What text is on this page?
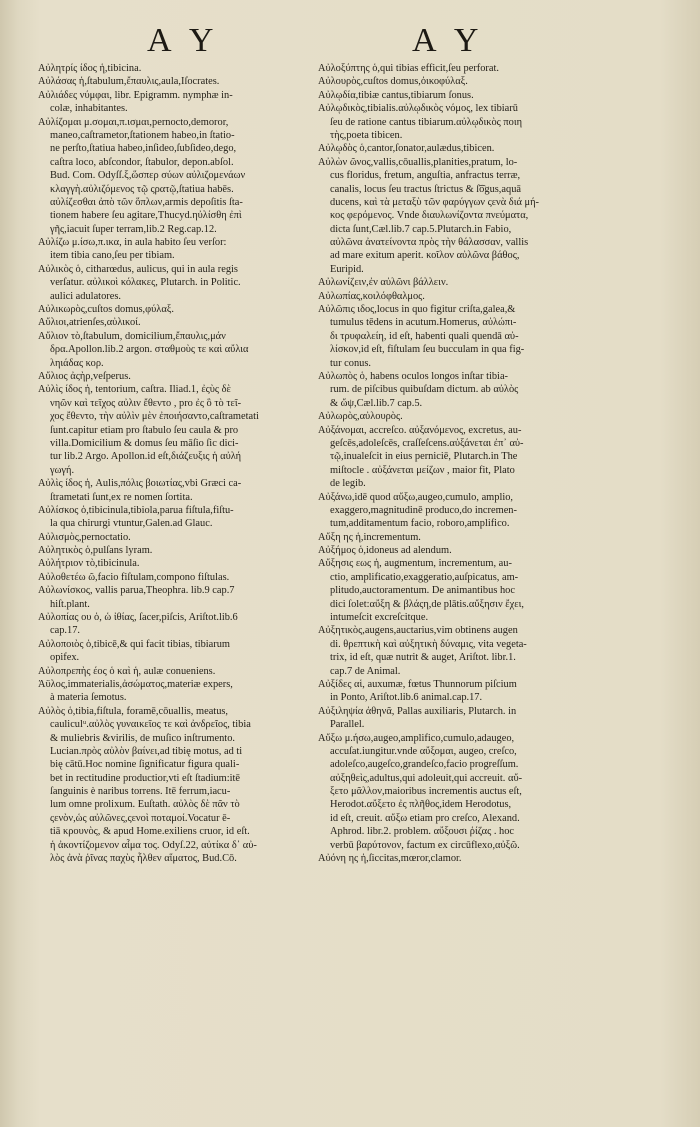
A Y	A Y
Αὐλητρίς ίδος ἡ,tibicina.
Αὐλάσας ἡ,ſtabulum,ἔπαυλις,aula,Iſocrates.
Αὐλιάδες νύμφαι, libr. Epigramm. nymphæ in-
colæ, inhabitantes.
Αὐλίζομαι μ.σομαι,π.ισμαι,pernocto,demoror,
maneo,caſtrametor,ſtationem habeo,in ſtatio-
ne perſto,ſtatiua habeo,inſideo,ſubſideo,dego,
caſtra loco, abſcondor, ſtabulor, depon.abſol.
Bud. Com. Odyſſ.ξ,ὥσπερ σύων αὐλιζομενάων
κλαγγὴ.αὐλιζόμενος τῷ ςρατῷ,ſtatiua habēs.
αὐλίζεσθαι ἀπὸ τῶν ὅπλων,armis depoſitis ſta-
tionem habere ſeu agitare,Thucyd.ηὐλίσθη ἐπὶ
γῆς,iacuit ſuper terram,lib.2 Reg.cap.12.
Αὐλίζω μ.ίσω,π.ικα, in aula habito ſeu verſor:
item tibia cano,ſeu per tibiam.
Αὐλικὸς ὁ, citharœdus, aulicus, qui in aula regis
verſatur. αὐλικοὶ κόλακες, Plutarch. in Politic.
aulici adulatores.
Αὐλικωρὸς,cuſtos domus,φύλαξ.
Αὔλιοι,atrienſes,αὐλικοί.
Αὔλιον τὸ,ſtabulum, domicilium,ἔπαυλις,μάν
δρα.Apollon.lib.2 argon. σταθμοὺς τε καὶ αὔλια
ληιάδας κορ.
Αὔλιος ἀςὴρ,veſperus.
Αὐλὶς ίδος ἡ, tentorium, caſtra. Iliad.1, ἐςὺς δὲ
νηῶν καὶ τεῖχος αὐλιν ἔθεντο , pro ἐς ὃ τὸ τεῖ-
χος ἔθεντο, τὴν αὐλὶν μὲν ἐποιήσαντο,caſtrametati
ſunt.capitur etiam pro ſtabulo ſeu caula & pro
villa.Domicilium & domus ſeu māſio ſic dici-
tur lib.2 Argo. Apollon.id eſt,διάζευξις ἡ αὐλή
γωγή.
Αὐλὶς ίδος ἡ, Aulis,πόλις βοιωτίας,vbi Græci ca-
ſtrametati ſunt,ex re nomen ſortita.
Αὐλίσκος ὁ,tibicinula,tibiola,parua fiſtula,fiſtu-
la qua chirurgi vtuntur,Galen.ad Glauc.
Αὐλισμὸς,pernoctatio.
Αὐλητικὸς ὁ,pulſans lyram.
Αὐλήτριον τὸ,tibicinula.
Αὐλοθετέω ῶ,facio fiſtulam,compono fiſtulas.
Αὐλωνίσκος, vallis parua,Theophra. lib.9 cap.7
hiſt.plant.
Αὐλοπίας ου ὁ, ὡ ἰθίας, ſacer,piſcis, Ariſtot.lib.6
cap.17.
Αὐλοποιὸς ὁ,tibicē,& qui facit tibias, tibiarum
opifex.
Αὐλοπρεπὴς έος ὁ καὶ ἡ, aulæ conueniens.
Ἀϋλος,immaterialis,ἀσώματος,materiæ expers,
à materia ſemotus.
Αὐλὸς ὁ,tibia,fiſtula, foramē,cōuallis, meatus,
cauliculᵘ.αὐλὸς γυναικεῖος τε καὶ ἀνδρεῖος, tibia
& muliebris &virilis, de muſico inſtrumento.
Lucian.πρὸς αὐλὸν βαίνει,ad tibię motus, ad ti
bię cātū.Hoc nomine ſignificatur figura quali-
bet in rectitudine productior,vti eſt ſtadium:itē
ſanguinis è naribus torrens. Itē ferrum,iacu-
lum omne prolixum. Euſtath. αὐλὸς δὲ πᾶν τὸ
ςενὸν,ὡς αὐλῶνες,ςενοὶ ποταμοί.Vocatur ē-
tiā κρουνὸς, & apud Home.exiliens cruor, id eſt.
ἡ ἀκοντίζομενον αἷμα τος. Odyſ.22, αὐτίκα δ᾽ αὐ-
λὸς ἀνὰ ῥῖνας παχὺς ἦλθεν αἵματος, Bud.Cō.
Αὐλοξύπτης ὁ,qui tibias efficit,ſeu perforat.
Αὐλουρὸς,cuſtos domus,ὀικοφύλαξ.
Αὐλῳδία,tibiæ cantus,tibiarum ſonus.
Αὐλῳδικὸς,tibialis.αὐλῳδικὸς νόμος, lex tibiarū
ſeu de ratione cantus tibiarum.αὐλῳδικὸς ποιη
τὴς,poeta tibicen.
Αὐλῳδὸς ὁ,cantor,ſonator,aulædus,tibicen.
Αὐλὼν ῶνος,vallis,cōuallis,planities,pratum, lo-
cus floridus, fretum, anguſtia, anfractus terræ,
canalis, locus ſeu tractus ſtrictus & ſ͡ogus,aquā
ducens, καὶ τὰ μεταξὺ τῶν φαρύγγων ςενὰ διά μή-
κος φερόμενος. Vnde διαυλωνίζοντα πνεύματα,
dicta ſunt,Cæl.lib.7 cap.5.Plutarch.in Fabio,
αὐλῶνα ἀνατείνοντα πρὸς τὴν θάλασσαν, vallis
ad mare exitum aperit. κοῖλον αὐλῶνα βάθος,
Euripid.
Αὐλωνίζειν,ἐν αὐλῶνι βάλλειν.
Αὐλωπίας,κοιλόφθαλμος.
Αὐλῶπις ιδος,locus in quo figitur criſta,galea,&
tumulus tēdens in acutum.Homerus, αὐλώπι-
δι τρυφαλείη, id eſt, habenti quali quendā αὐ-
λίσκον,id eſt, fiſtulam ſeu bucculam in qua fig-
tur conus.
Αὐλωπὸς ὁ, habens oculos longos inſtar tibia-
rum. de piſcibus quibuſdam dictum. ab αὐλὸς
& ὤψ,Cæl.lib.7 cap.5.
Αὐλωρὸς,αὐλουρὸς.
Αὐξάνομαι, accreſco. αὐξανόμενος, excretus, au-
geſcēs,adoleſcēs, craſſeſcens.αὐξάνεται ἐπ᾽ αὐ-
τῷ,inualeſcit in eius perniciē, Plutarch.in The
miſtocle . αὐξάνεται μείζων , maior fit, Plato
de legib.
Αὐξάνω,idē quod αὔξω,augeo,cumulo, amplio,
exaggero,magnitudinē produco,do incremen-
tum,additamentum facio, roboro,amplifico.
Αὔξη ης ἡ,incrementum.
Αὐξήμος ὁ,idoneus ad alendum.
Αὔξησις εως ἡ, augmentum, incrementum, au-
ctio, amplificatio,exaggeratio,auſpicatus, am-
plitudo,auctoramentum. De animantibus hoc
dici ſolet:αὔξη & βλάςη,de plātis.αὔξησιν ἔχει,
intumeſcit excreſcitque.
Αὐξητικὸς,augens,auctarius,vim obtinens augen
di. θρεπτικὴ καὶ αὐξητικὴ δύναμις, vita vegeta-
trix, id eſt, quæ nutrit & auget, Ariſtot. libr.1.
cap.7 de Animal.
Αὐξίδες αἱ, auxumæ, fœtus Thunnorum piſcium
in Ponto, Ariſtot.lib.6 animal.cap.17.
Αὐξιληψία ἀθηνᾶ, Pallas auxiliaris, Plutarch. in
Parallel.
Αὔξω μ.ήσω,augeo,amplifico,cumulo,adaugeo,
accuſat.iungitur.vnde αὔξομαι, augeo, creſco,
adoleſco,augeſco,grandeſco,facio progreſſum.
αὐξηθεὶς,adultus,qui adoleuit,qui accreuit. αὔ-
ξετο μᾶλλον,maioribus incrementis auctus eſt,
Herodot.αὔξετο ἐς πλῆθος,idem Herodotus,
id eſt, creuit. αὔξω etiam pro creſco, Alexand.
Aphrod. libr.2. problem. αὔξουσι ῥίζας . hoc
verbū βαρύτονον, factum ex circūflexo,αὐξῶ.
Αὐόνη ης ἡ,ſiccitas,mœror,clamor.
